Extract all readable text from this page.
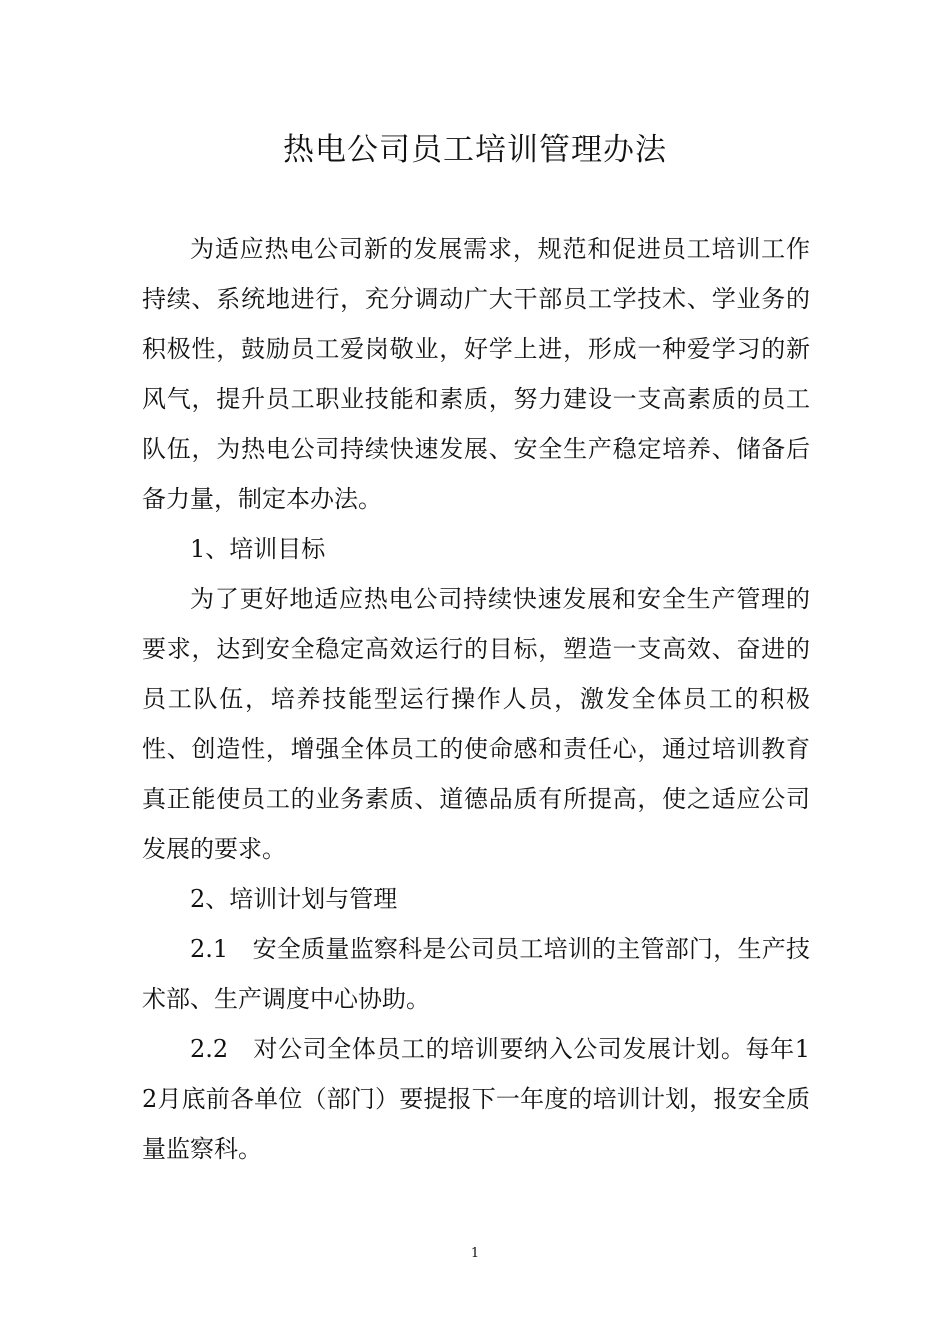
热电公司员工培训管理办法

为适应热电公司新的发展需求，规范和促进员工培训工作持续、系统地进行，充分调动广大干部员工学技术、学业务的积极性，鼓励员工爱岗敬业，好学上进，形成一种爱学习的新风气，提升员工职业技能和素质，努力建设一支高素质的员工队伍，为热电公司持续快速发展、安全生产稳定培养、储备后备力量，制定本办法。

1、培训目标

为了更好地适应热电公司持续快速发展和安全生产管理的要求，达到安全稳定高效运行的目标，塑造一支高效、奋进的员工队伍，培养技能型运行操作人员，激发全体员工的积极性、创造性，增强全体员工的使命感和责任心，通过培训教育真正能使员工的业务素质、道德品质有所提高，使之适应公司发展的要求。

2、培训计划与管理

2.1　安全质量监察科是公司员工培训的主管部门，生产技术部、生产调度中心协助。

2.2　对公司全体员工的培训要纳入公司发展计划。每年12月底前各单位（部门）要提报下一年度的培训计划，报安全质量监察科。

1
